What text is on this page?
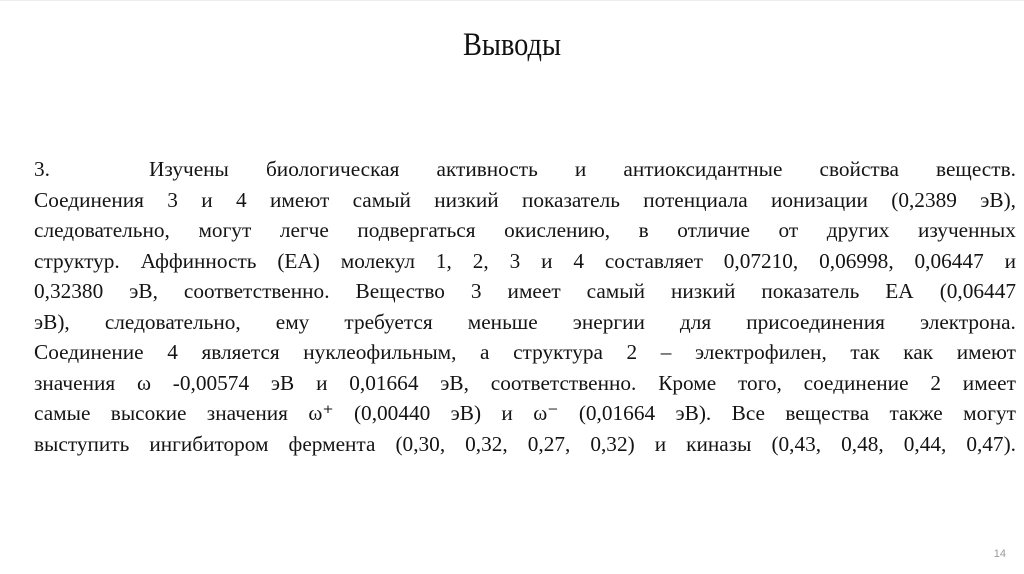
Выводы
3.	Изучены биологическая активность и антиоксидантные свойства веществ.
Соединения 3 и 4 имеют самый низкий показатель потенциала ионизации (0,2389 эВ),
следовательно, могут легче подвергаться окислению, в отличие от других изученных
структур. Аффинность (ЕА) молекул 1, 2, 3 и 4 составляет 0,07210, 0,06998, 0,06447 и
0,32380 эВ, соответственно. Вещество 3 имеет самый низкий показатель ЕА (0,06447
эВ), следовательно, ему требуется меньше энергии для присоединения электрона.
Соединение 4 является нуклеофильным, а структура 2 – электрофилен, так как имеют
значения ω -0,00574 эВ и 0,01664 эВ, соответственно. Кроме того, соединение 2 имеет
самые высокие значения ω⁺ (0,00440 эВ) и ω⁻ (0,01664 эВ). Все вещества также могут
выступить ингибитором фермента (0,30, 0,32, 0,27, 0,32) и киназы (0,43, 0,48, 0,44, 0,47).
14
